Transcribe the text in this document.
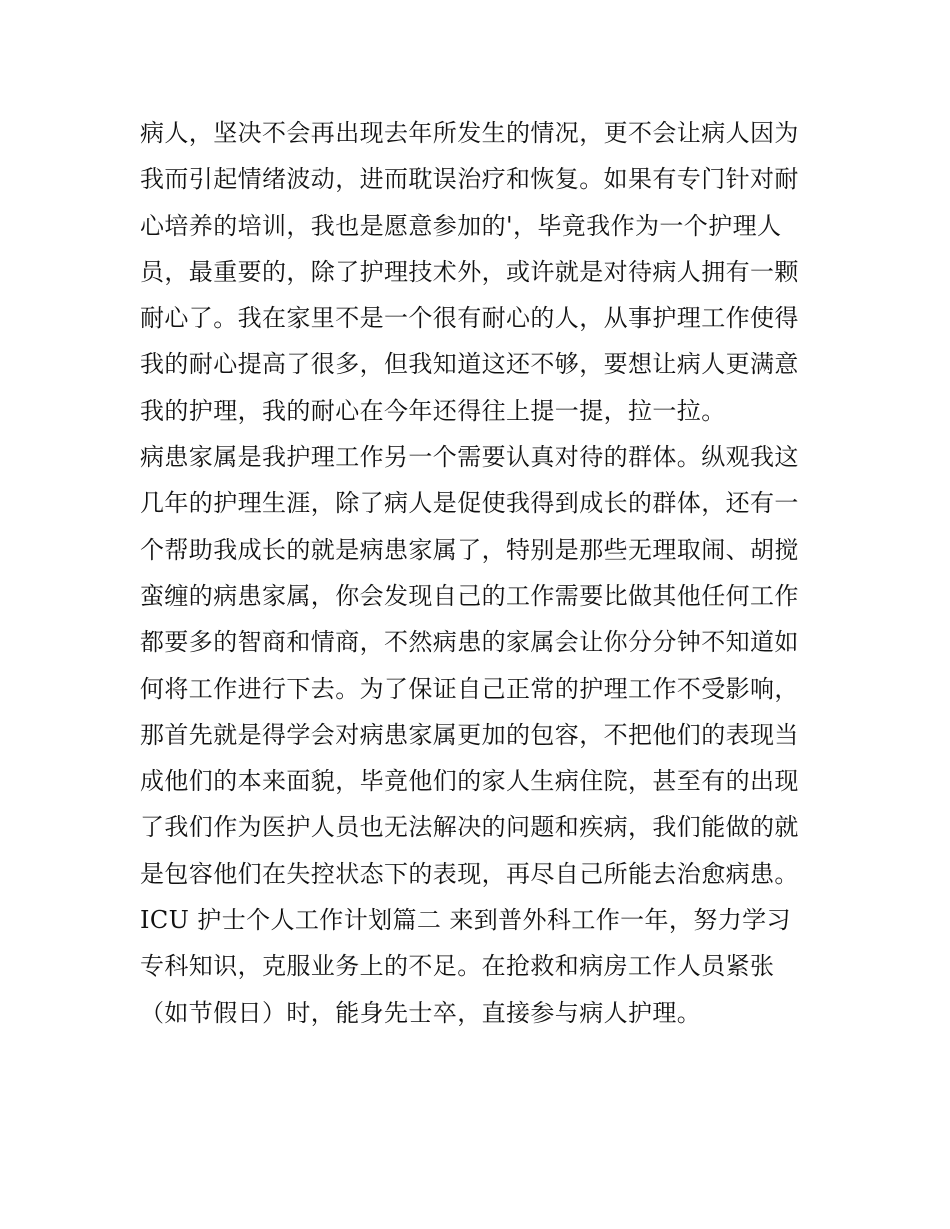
病人，坚决不会再出现去年所发生的情况，更不会让病人因为
我而引起情绪波动，进而耽误治疗和恢复。如果有专门针对耐
心培养的培训，我也是愿意参加的'，毕竟我作为一个护理人
员，最重要的，除了护理技术外，或许就是对待病人拥有一颗
耐心了。我在家里不是一个很有耐心的人，从事护理工作使得
我的耐心提高了很多，但我知道这还不够，要想让病人更满意
我的护理，我的耐心在今年还得往上提一提，拉一拉。
病患家属是我护理工作另一个需要认真对待的群体。纵观我这
几年的护理生涯，除了病人是促使我得到成长的群体，还有一
个帮助我成长的就是病患家属了，特别是那些无理取闹、胡搅
蛮缠的病患家属，你会发现自己的工作需要比做其他任何工作
都要多的智商和情商，不然病患的家属会让你分分钟不知道如
何将工作进行下去。为了保证自己正常的护理工作不受影响，
那首先就是得学会对病患家属更加的包容，不把他们的表现当
成他们的本来面貌，毕竟他们的家人生病住院，甚至有的出现
了我们作为医护人员也无法解决的问题和疾病，我们能做的就
是包容他们在失控状态下的表现，再尽自己所能去治愈病患。
ICU 护士个人工作计划篇二 来到普外科工作一年，努力学习
专科知识，克服业务上的不足。在抢救和病房工作人员紧张
（如节假日）时，能身先士卒，直接参与病人护理。
